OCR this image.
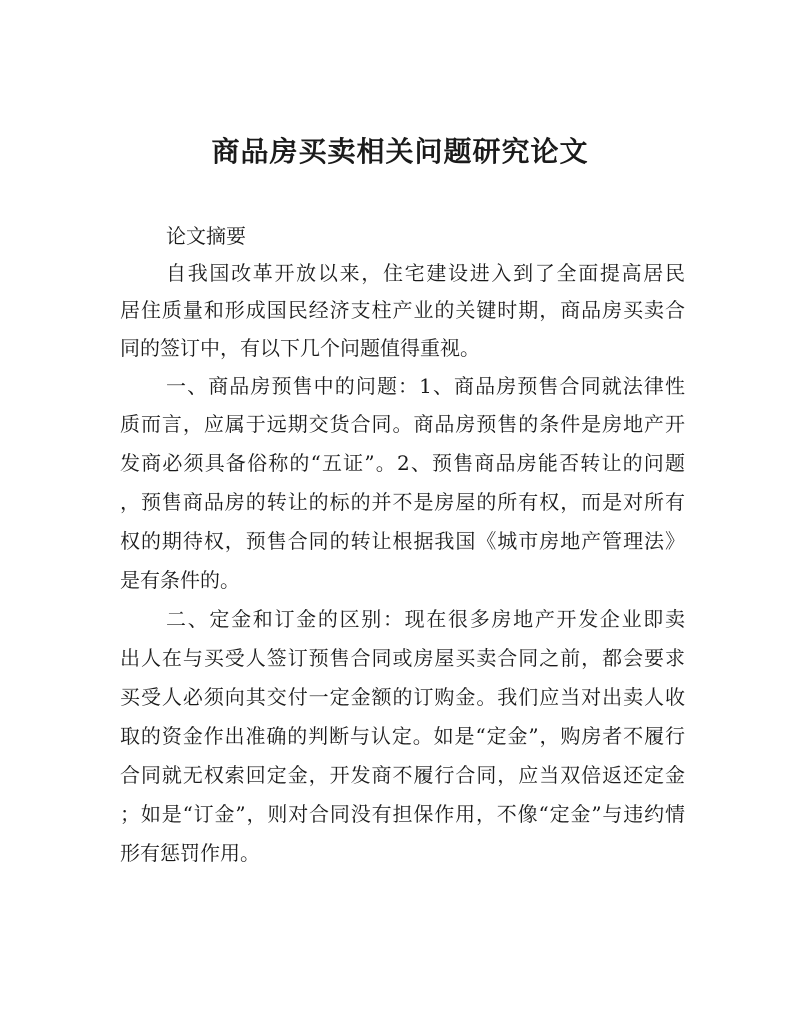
商品房买卖相关问题研究论文

论文摘要

自我国改革开放以来，住宅建设进入到了全面提高居民

居住质量和形成国民经济支柱产业的关键时期，商品房买卖合

同的签订中，有以下几个问题值得重视。

一、商品房预售中的问题：1、商品房预售合同就法律性

质而言，应属于远期交货合同。商品房预售的条件是房地产开

发商必须具备俗称的“五证”。2、预售商品房能否转让的问题

，预售商品房的转让的标的并不是房屋的所有权，而是对所有

权的期待权，预售合同的转让根据我国《城市房地产管理法》

是有条件的。

二、定金和订金的区别：现在很多房地产开发企业即卖

出人在与买受人签订预售合同或房屋买卖合同之前，都会要求

买受人必须向其交付一定金额的订购金。我们应当对出卖人收

取的资金作出准确的判断与认定。如是“定金”，购房者不履行

合同就无权索回定金，开发商不履行合同，应当双倍返还定金

；如是“订金”，则对合同没有担保作用，不像“定金”与违约情

形有惩罚作用。
